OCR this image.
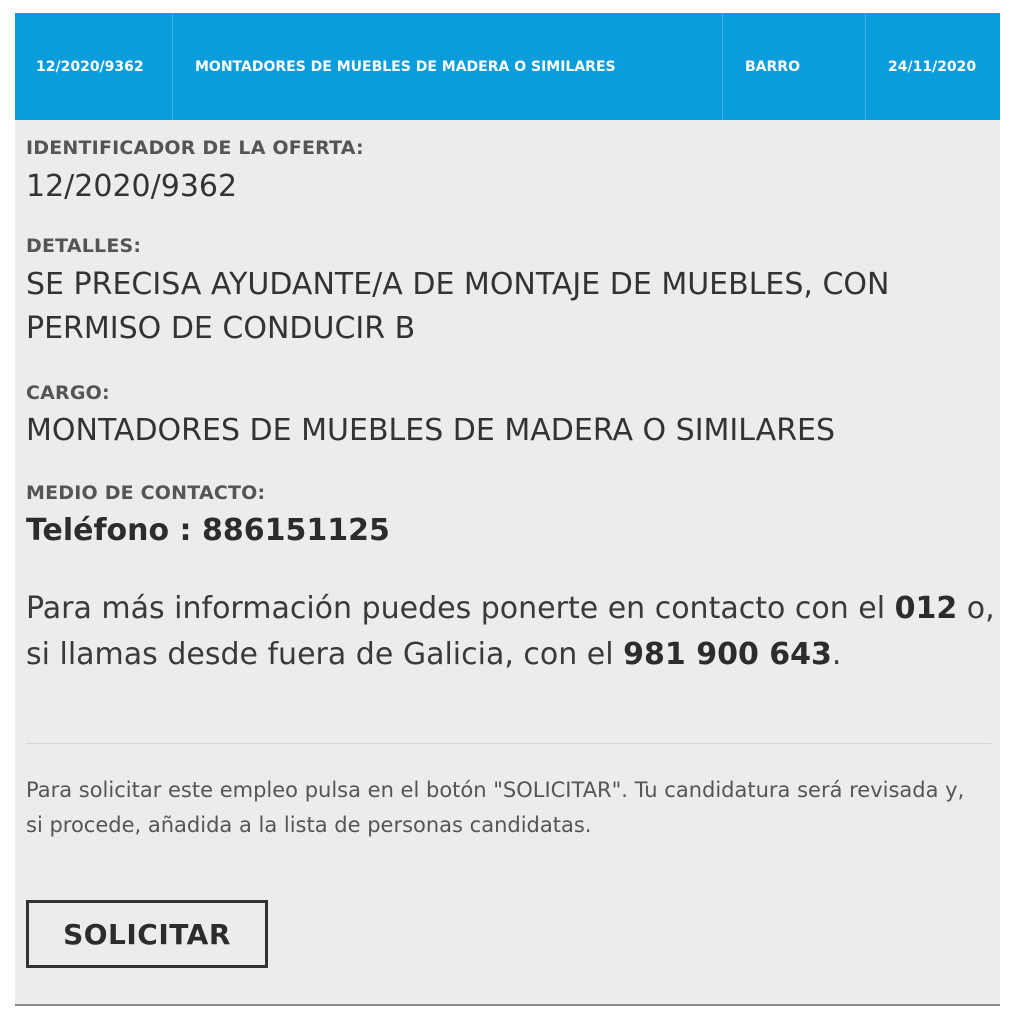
12/2020/9362	MONTADORES DE MUEBLES DE MADERA O SIMILARES	BARRO	24/11/2020
IDENTIFICADOR DE LA OFERTA:
12/2020/9362
DETALLES:
SE PRECISA AYUDANTE/A DE MONTAJE DE MUEBLES, CON PERMISO DE CONDUCIR B
CARGO:
MONTADORES DE MUEBLES DE MADERA O SIMILARES
MEDIO DE CONTACTO:
Teléfono : 886151125
Para más información puedes ponerte en contacto con el 012 o, si llamas desde fuera de Galicia, con el 981 900 643.
Para solicitar este empleo pulsa en el botón "SOLICITAR". Tu candidatura será revisada y, si procede, añadida a la lista de personas candidatas.
SOLICITAR
